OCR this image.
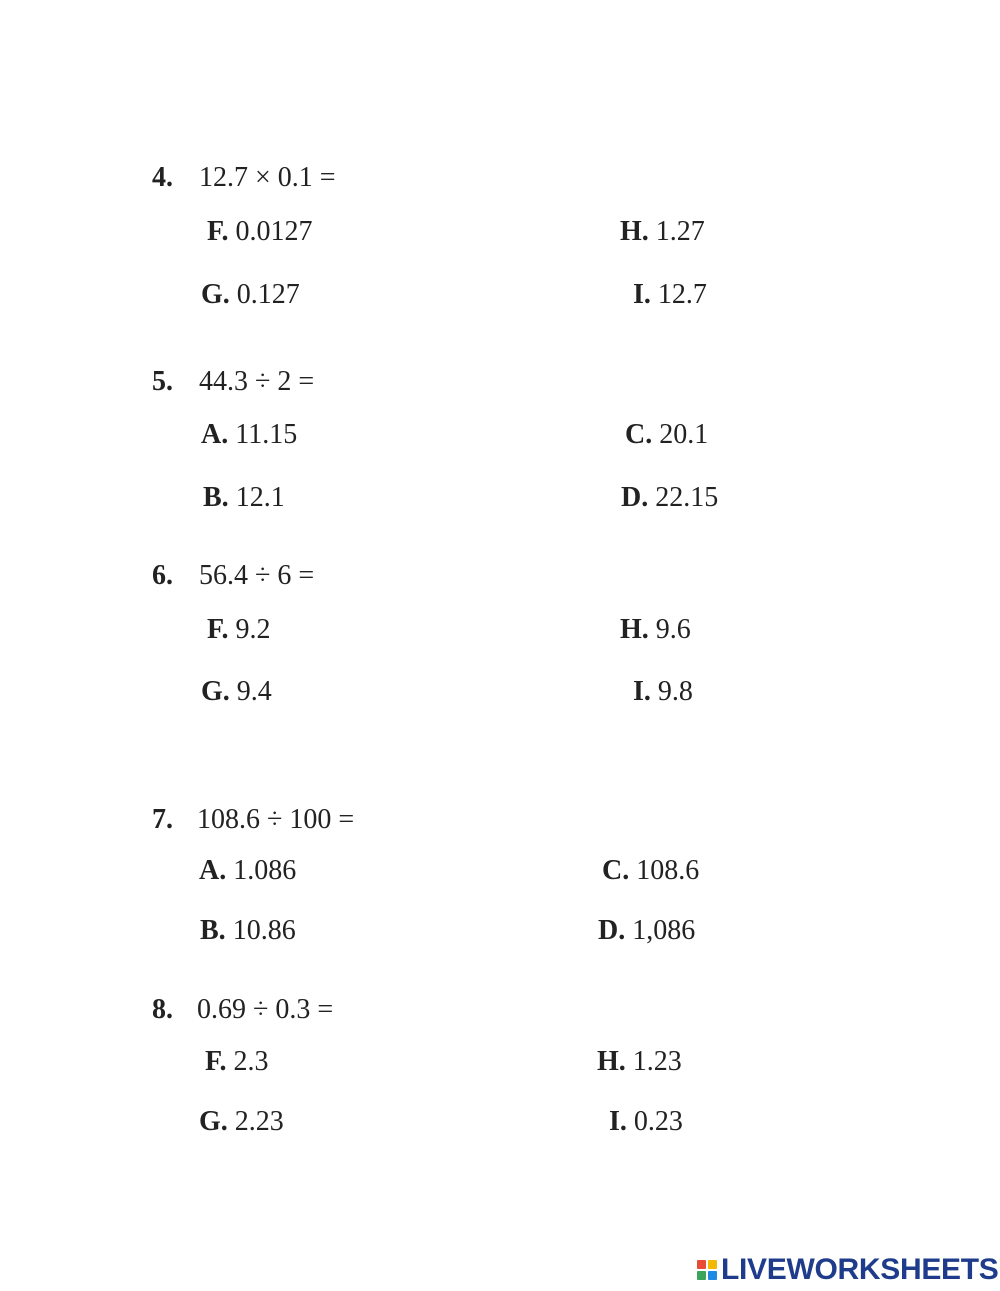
4. 12.7 × 0.1 =
F. 0.0127	H. 1.27
G. 0.127	I. 12.7
5. 44.3 ÷ 2 =
A. 11.15	C. 20.1
B. 12.1	D. 22.15
6. 56.4 ÷ 6 =
F. 9.2	H. 9.6
G. 9.4	I. 9.8
7. 108.6 ÷ 100 =
A. 1.086	C. 108.6
B. 10.86	D. 1,086
8. 0.69 ÷ 0.3 =
F. 2.3	H. 1.23
G. 2.23	I. 0.23
LIVEWORKSHEETS
